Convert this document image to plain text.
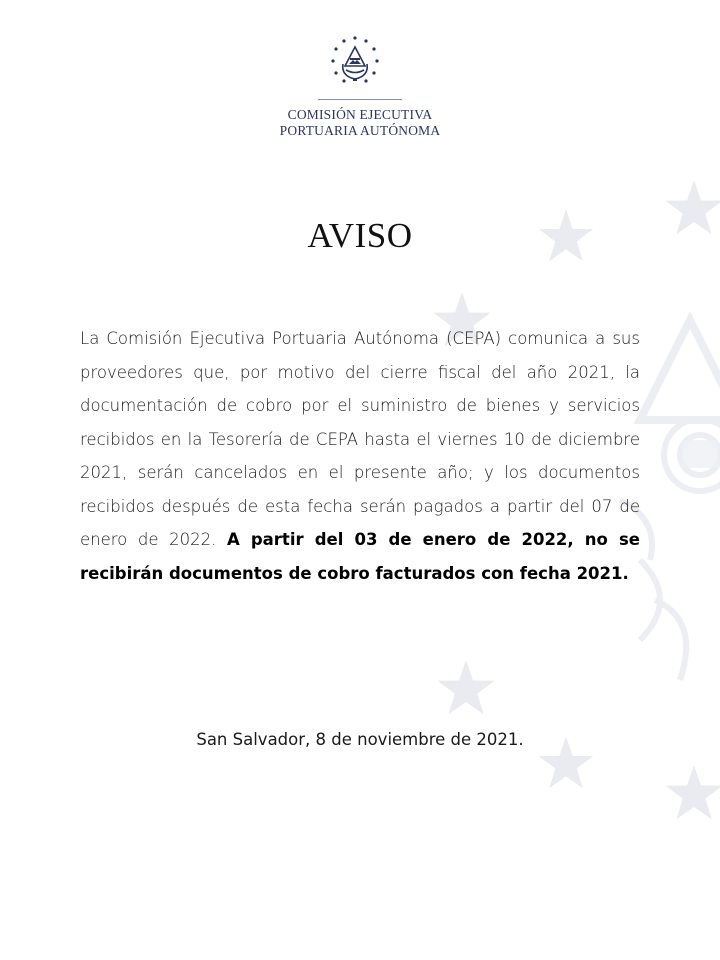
COMISIÓN EJECUTIVA
PORTUARIA AUTÓNOMA
AVISO
La Comisión Ejecutiva Portuaria Autónoma (CEPA) comunica a sus proveedores que, por motivo del cierre fiscal del año 2021, la documentación de cobro por el suministro de bienes y servicios recibidos en la Tesorería de CEPA hasta el viernes 10 de diciembre 2021, serán cancelados en el presente año; y los documentos recibidos después de esta fecha serán pagados a partir del 07 de enero de 2022. A partir del 03 de enero de 2022, no se recibirán documentos de cobro facturados con fecha 2021.
San Salvador, 8 de noviembre de 2021.
